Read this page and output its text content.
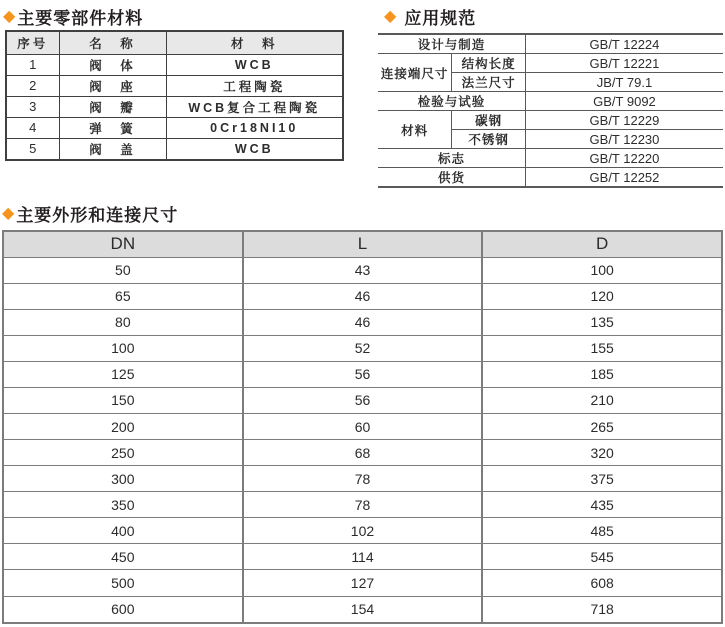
◆ 主要零部件材料
序号	名　称	材　料
1	阀　体	WCB
2	阀　座	工程陶瓷
3	阀　瓣	WCB复合工程陶瓷
4	弹　簧	0Cr18NI10
5	阀　盖	WCB
◆ 应用规范
设计与制造		GB/T 12224
连接端尺寸	结构长度	GB/T 12221
	法兰尺寸	JB/T 79.1
检验与试验		GB/T 9092
材料	碳钢	GB/T 12229
	不锈钢	GB/T 12230
标志		GB/T 12220
供货		GB/T 12252
◆ 主要外形和连接尺寸
DN	L	D
50	43	100
65	46	120
80	46	135
100	52	155
125	56	185
150	56	210
200	60	265
250	68	320
300	78	375
350	78	435
400	102	485
450	114	545
500	127	608
600	154	718
